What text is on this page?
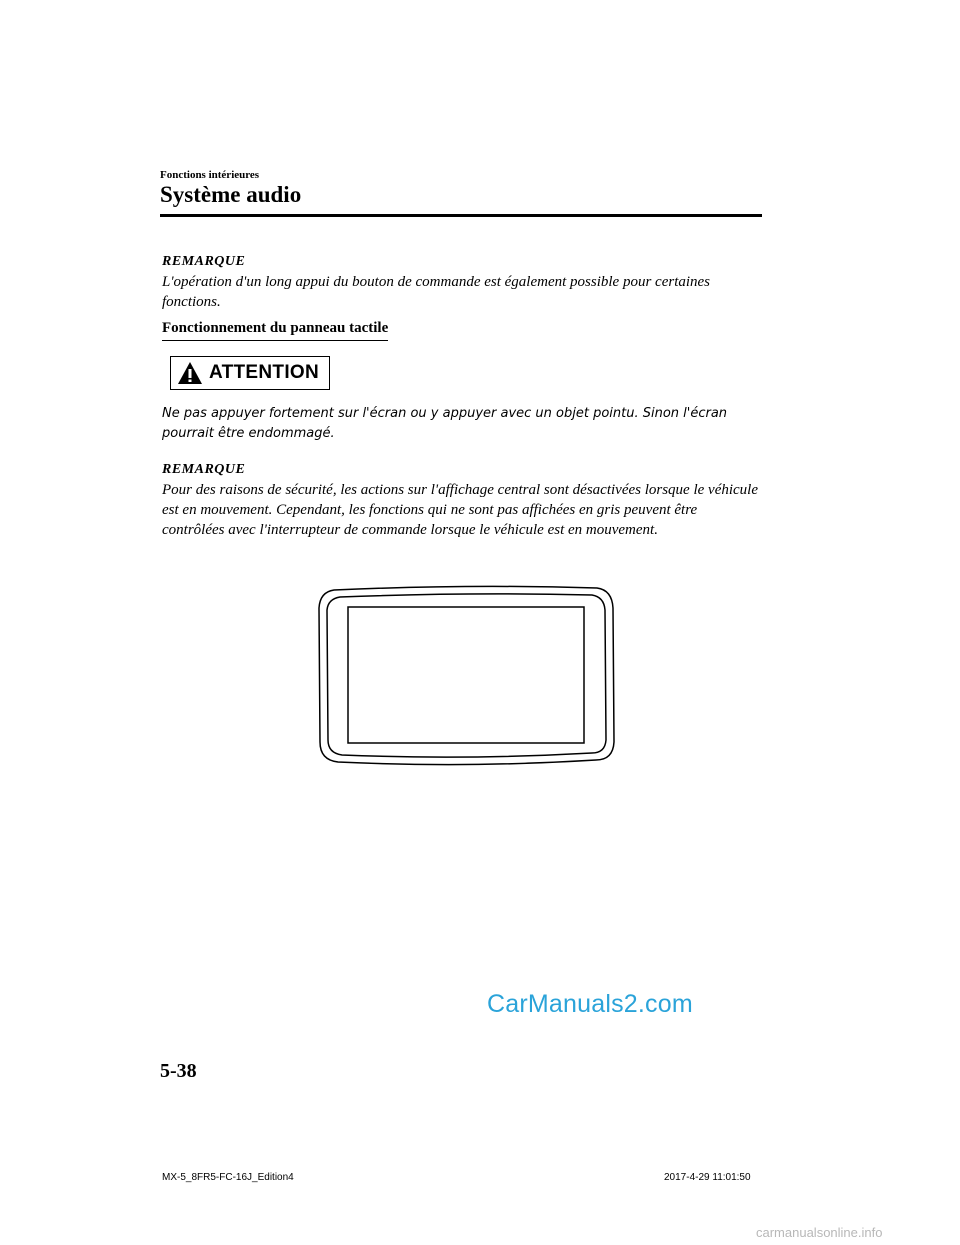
Fonctions intérieures
Système audio
REMARQUE
L'opération d'un long appui du bouton de commande est également possible pour certaines fonctions.
Fonctionnement du panneau tactile
ATTENTION
Ne pas appuyer fortement sur l'écran ou y appuyer avec un objet pointu. Sinon l'écran pourrait être endommagé.
REMARQUE
Pour des raisons de sécurité, les actions sur l'affichage central sont désactivées lorsque le véhicule est en mouvement. Cependant, les fonctions qui ne sont pas affichées en gris peuvent être contrôlées avec l'interrupteur de commande lorsque le véhicule est en mouvement.
CarManuals2.com
5-38
MX-5_8FR5-FC-16J_Edition4	2017-4-29 11:01:50
carmanualsonline.info
